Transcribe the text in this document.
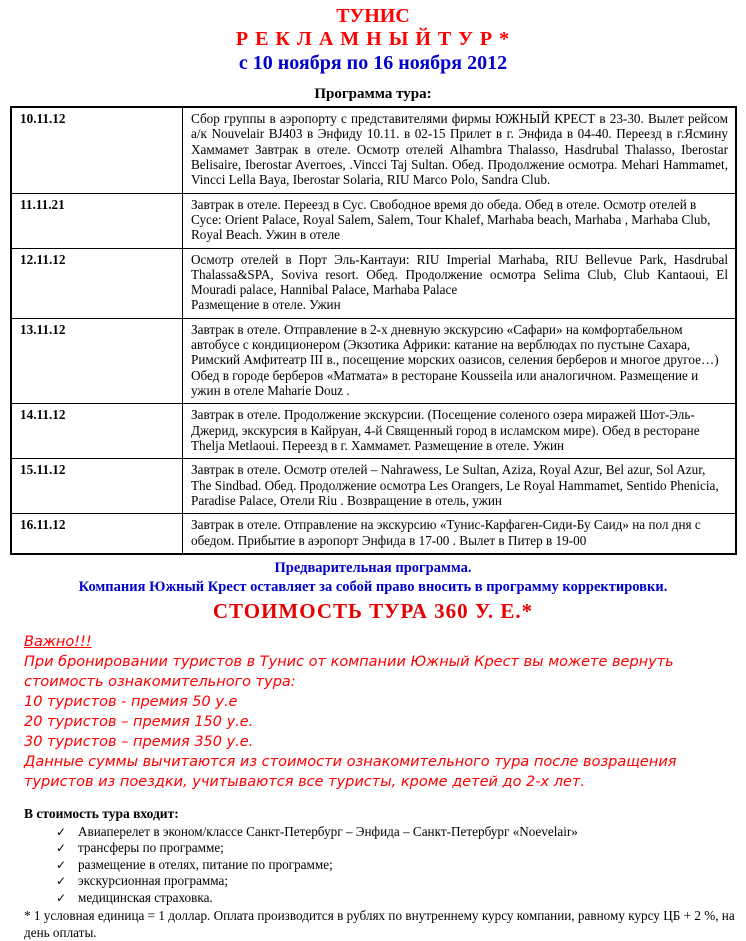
ТУНИС
Р Е К Л А М Н Ы Й Т У Р *
с 10 ноября по 16 ноября 2012
Программа тура:
10.11.12	Сбор группы в аэропорту с представителями фирмы ЮЖНЫЙ КРЕСТ в 23-30. Вылет рейсом а/к Nouvelair BJ403 в Энфиду 10.11. в 02-15 Прилет в г. Энфида в 04-40. Переезд в г.Ясмину Хаммамет Завтрак в отеле. Осмотр отелей Alhambra Thalasso, Hasdrubal Thalasso, Iberostar Belisaire, Iberostar Averroes, .Vincci Taj Sultan. Обед. Продолжение осмотра. Mehari Hammamet, Vincci Lella Baya, Iberostar Solaria, RIU Marco Polo, Sandra Club.

11.11.21	Завтрак в отеле. Переезд в Сус. Свободное время до обеда. Обед в отеле. Осмотр отелей в Сусе: Orient Palace, Royal Salem, Salem, Tour Khalef, Marhaba beach, Marhaba , Marhaba Club, Royal Beach. Ужин в отеле

12.11.12	Осмотр отелей в Порт Эль-Кантауи: RIU Imperial Marhaba, RIU Bellevue Park, Hasdrubal Thalassa&SPA, Soviva resort. Обед. Продолжение осмотра Selima Club, Club Kantaoui, El Mouradi palace, Hannibal Palace, Marhaba Palace
Размещение в отеле. Ужин

13.11.12	Завтрак в отеле. Отправление в 2-х дневную экскурсию «Сафари» на комфортабельном автобусе с кондиционером (Экзотика Африки: катание на верблюдах по пустыне Сахара, Римский Амфитеатр III в., посещение морских оазисов, селения берберов и многое другое…) Обед в городе берберов «Матмата» в ресторане Kousseila или аналогичном. Размещение и ужин в отеле Maharie Douz .

14.11.12	Завтрак в отеле. Продолжение экскурсии. (Посещение соленого озера миражей Шот-Эль-Джерид, экскурсия в Кайруан, 4-й Священный город в исламском мире). Обед в ресторане Thelja Metlaoui. Переезд в г. Хаммамет. Размещение в отеле. Ужин

15.11.12	Завтрак в отеле. Осмотр отелей – Nahrawess, Le Sultan, Aziza, Royal Azur, Bel azur, Sol Azur, The Sindbad. Обед. Продолжение осмотра Les Orangers, Le Royal Hammamet, Sentido Phenicia, Paradise Palace, Отели Riu . Возвращение в отель, ужин

16.11.12	Завтрак в отеле. Отправление на экскурсию «Тунис-Карфаген-Сиди-Бу Саид» на пол дня с обедом. Прибытие в аэропорт Энфида в 17-00 . Вылет в Питер в 19-00
Предварительная программа.
Компания Южный Крест оставляет за собой право вносить в программу корректировки.
СТОИМОСТЬ ТУРА 360 У. Е.*
Важно!!!
При бронировании туристов в Тунис от компании Южный Крест вы можете вернуть стоимость ознакомительного тура:
10 туристов - премия 50 у.е
20 туристов – премия 150 у.е.
30 туристов – премия 350 у.е.
Данные суммы вычитаются из стоимости ознакомительного тура после возращения туристов из поездки, учитываются все туристы, кроме детей до 2-х лет.
В стоимость тура входит:
✓ Авиаперелет в эконом/классе Санкт-Петербург – Энфида – Санкт-Петербург «Noevelair»
✓ трансферы по программе;
✓ размещение в отелях, питание по программе;
✓ экскурсионная программа;
✓ медицинская страховка.
* 1 условная единица = 1 доллар. Оплата производится в рублях по внутреннему курсу компании, равному курсу ЦБ + 2 %, на день оплаты.
